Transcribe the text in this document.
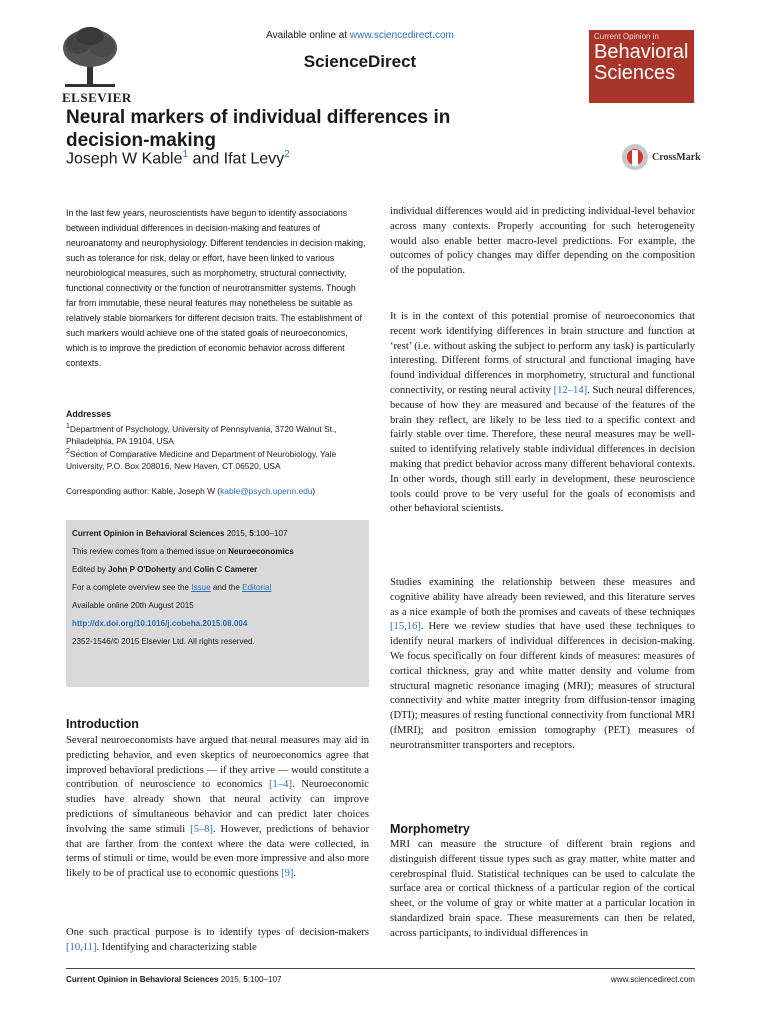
ELSEVIER
Available online at www.sciencedirect.com
ScienceDirect
Current Opinion in
Behavioral
Sciences
Neural markers of individual differences in decision-making
Joseph W Kable$^1$ and Ifat Levy$^2$	CrossMark
In the last few years, neuroscientists have begun to identify associations between individual differences in decision-making and features of neuroanatomy and neurophysiology. Different tendencies in decision making, such as tolerance for risk, delay or effort, have been linked to various neurobiological measures, such as morphometry, structural connectivity, functional connectivity or the function of neurotransmitter systems. Though far from immutable, these neural features may nonetheless be suitable as relatively stable biomarkers for different decision traits. The establishment of such markers would achieve one of the stated goals of neuroeconomics, which is to improve the prediction of economic behavior across different contexts.
Addresses
$^1$Department of Psychology, University of Pennsylvania, 3720 Walnut St., Philadelphia, PA 19104, USA
$^2$Section of Comparative Medicine and Department of Neurobiology, Yale University, P.O. Box 208016, New Haven, CT 06520, USA
Corresponding author: Kable, Joseph W (kable@psych.upenn.edu)
Current Opinion in Behavioral Sciences 2015, 5:100–107
This review comes from a themed issue on Neuroeconomics
Edited by John P O'Doherty and Colin C Camerer
For a complete overview see the Issue and the Editorial
Available online 20th August 2015
http://dx.doi.org/10.1016/j.cobeha.2015.08.004
2352-1546/© 2015 Elsevier Ltd. All rights reserved.
Introduction
Several neuroeconomists have argued that neural measures may aid in predicting behavior, and even skeptics of neuroeconomics agree that improved behavioral predictions — if they arrive — would constitute a contribution of neuroscience to economics [1–4]. Neuroeconomic studies have already shown that neural activity can improve predictions of simultaneous behavior and can predict later choices involving the same stimuli [5–8]. However, predictions of behavior that are farther from the context where the data were collected, in terms of stimuli or time, would be even more impressive and also more likely to be of practical use to economic questions [9].
One such practical purpose is to identify types of decision-makers [10,11]. Identifying and characterizing stable
individual differences would aid in predicting individual-level behavior across many contexts. Properly accounting for such heterogeneity would also enable better macro-level predictions. For example, the outcomes of policy changes may differ depending on the composition of the population.
It is in the context of this potential promise of neuroeconomics that recent work identifying differences in brain structure and function at ‘rest’ (i.e. without asking the subject to perform any task) is particularly interesting. Different forms of structural and functional imaging have found individual differences in morphometry, structural and functional connectivity, or resting neural activity [12–14]. Such neural differences, because of how they are measured and because of the features of the brain they reflect, are likely to be less tied to a specific context and fairly stable over time. Therefore, these neural measures may be well-suited to identifying relatively stable individual differences in decision making that predict behavior across many different behavioral contexts. In other words, though still early in development, these neuroscience tools could prove to be very useful for the goals of economists and other behavioral scientists.
Studies examining the relationship between these measures and cognitive ability have already been reviewed, and this literature serves as a nice example of both the promises and caveats of these techniques [15,16]. Here we review studies that have used these techniques to identify neural markers of individual differences in decision-making. We focus specifically on four different kinds of measures: measures of cortical thickness, gray and white matter density and volume from structural magnetic resonance imaging (MRI); measures of structural connectivity and white matter integrity from diffusion-tensor imaging (DTI); measures of resting functional connectivity from functional MRI (fMRI); and positron emission tomography (PET) measures of neurotransmitter transporters and receptors.
Morphometry
MRI can measure the structure of different brain regions and distinguish different tissue types such as gray matter, white matter and cerebrospinal fluid. Statistical techniques can be used to calculate the surface area or cortical thickness of a particular region of the cortical sheet, or the volume of gray or white matter at a particular location in standardized brain space. These measurements can then be related, across participants, to individual differences in
Current Opinion in Behavioral Sciences 2015, 5:100–107	www.sciencedirect.com
